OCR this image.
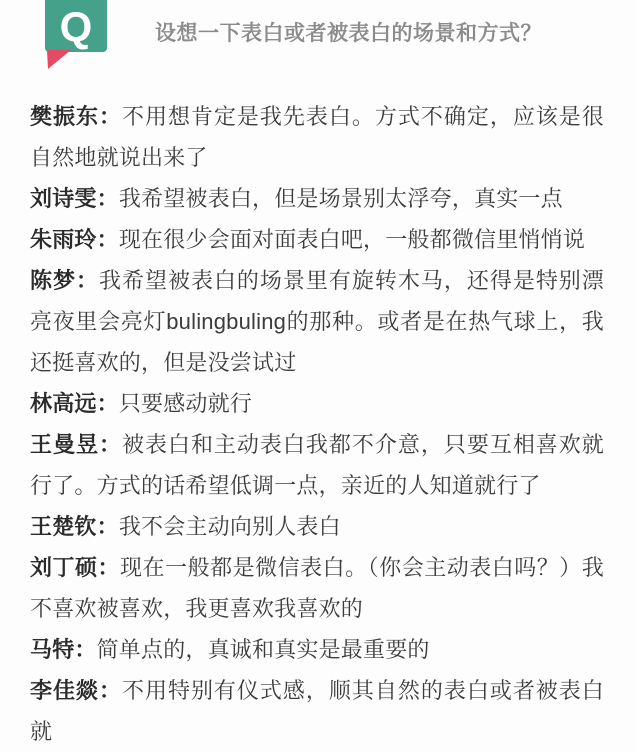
Q	设想一下表白或者被表白的场景和方式？

樊振东：不用想肯定是我先表白。方式不确定，应该是很自然地就说出来了

刘诗雯：我希望被表白，但是场景别太浮夸，真实一点

朱雨玲：现在很少会面对面表白吧，一般都微信里悄悄说

陈梦：我希望被表白的场景里有旋转木马，还得是特别漂亮夜里会亮灯bulingbuling的那种。或者是在热气球上，我还挺喜欢的，但是没尝试过

林高远：只要感动就行

王曼昱：被表白和主动表白我都不介意，只要互相喜欢就行了。方式的话希望低调一点，亲近的人知道就行了

王楚钦：我不会主动向别人表白

刘丁硕：现在一般都是微信表白。（你会主动表白吗？）我不喜欢被喜欢，我更喜欢我喜欢的

马特：简单点的，真诚和真实是最重要的

李佳燚：不用特别有仪式感，顺其自然的表白或者被表白就
